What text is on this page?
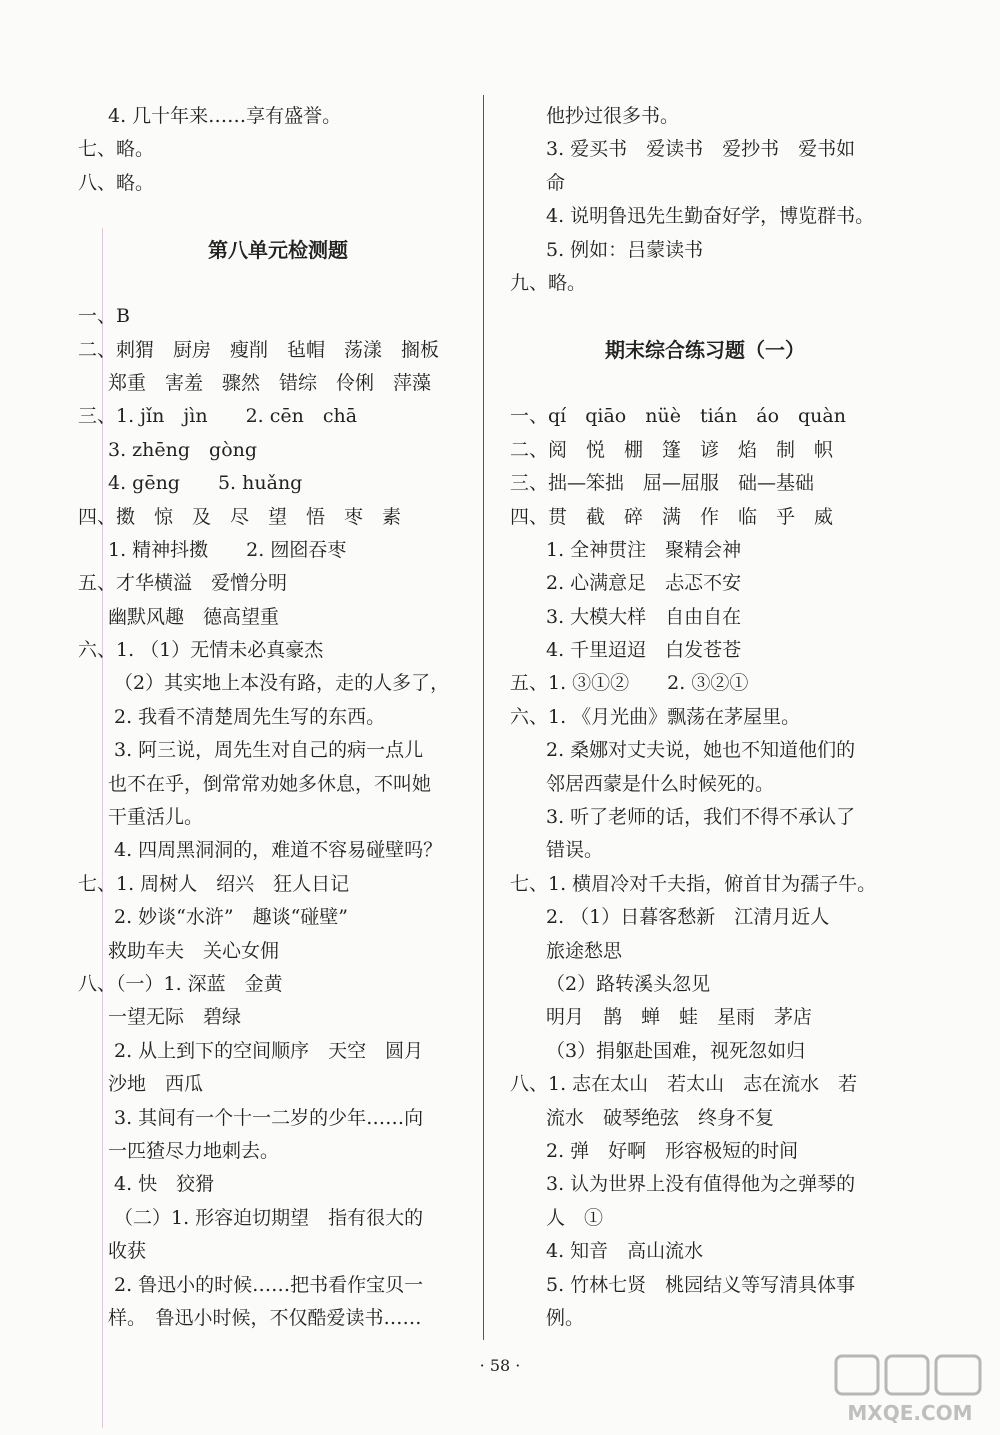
4. 几十年来……享有盛誉。
七、略。
八、略。
第八单元检测题
一、B
二、刺猬　厨房　瘦削　毡帽　荡漾　搁板
郑重　害羞　骤然　错综　伶俐　萍藻
三、1. jǐn　jìn　　2. cēn　chā
3. zhēng　gòng
4. gēng　　5. huǎng
四、擞　惊　及　尽　望　悟　枣　素
1. 精神抖擞　　2. 囫囵吞枣
五、才华横溢　爱憎分明
幽默风趣　德高望重
六、1. （1）无情未必真豪杰
（2）其实地上本没有路，走的人多了，
2. 我看不清楚周先生写的东西。
3. 阿三说，周先生对自己的病一点儿
也不在乎，倒常常劝她多休息，不叫她
干重活儿。
4. 四周黑洞洞的，难道不容易碰壁吗？
七、1. 周树人　绍兴　狂人日记
2. 妙谈“水浒”　趣谈“碰壁”
救助车夫　关心女佣
八、（一）1. 深蓝　金黄
一望无际　碧绿
2. 从上到下的空间顺序　天空　圆月
沙地　西瓜
3. 其间有一个十一二岁的少年……向
一匹猹尽力地刺去。
4. 快　狡猾
（二）1. 形容迫切期望　指有很大的
收获
2. 鲁迅小的时候……把书看作宝贝一
样。　鲁迅小时候，不仅酷爱读书……
他抄过很多书。
3. 爱买书　爱读书　爱抄书　爱书如
命
4. 说明鲁迅先生勤奋好学，博览群书。
5. 例如：吕蒙读书
九、略。
期末综合练习题（一）
一、qí　qiāo　nüè　tián　áo　quàn
二、阅　悦　棚　篷　谚　焰　制　帜
三、拙—笨拙　屈—屈服　础—基础
四、贯　截　碎　满　作　临　乎　威
1. 全神贯注　聚精会神
2. 心满意足　忐忑不安
3. 大模大样　自由自在
4. 千里迢迢　白发苍苍
五、1. ③①②　　2. ③②①
六、1. 《月光曲》飘荡在茅屋里。
2. 桑娜对丈夫说，她也不知道他们的
邻居西蒙是什么时候死的。
3. 听了老师的话，我们不得不承认了
错误。
七、1. 横眉冷对千夫指，俯首甘为孺子牛。
2. （1）日暮客愁新　江清月近人
旅途愁思
（2）路转溪头忽见
明月　鹊　蝉　蛙　星雨　茅店
（3）捐躯赴国难，视死忽如归
八、1. 志在太山　若太山　志在流水　若
流水　破琴绝弦　终身不复
2. 弹　好啊　形容极短的时间
3. 认为世界上没有值得他为之弹琴的
人　①
4. 知音　高山流水
5. 竹林七贤　桃园结义等写清具体事
例。
· 58 ·
MXQE.COM
